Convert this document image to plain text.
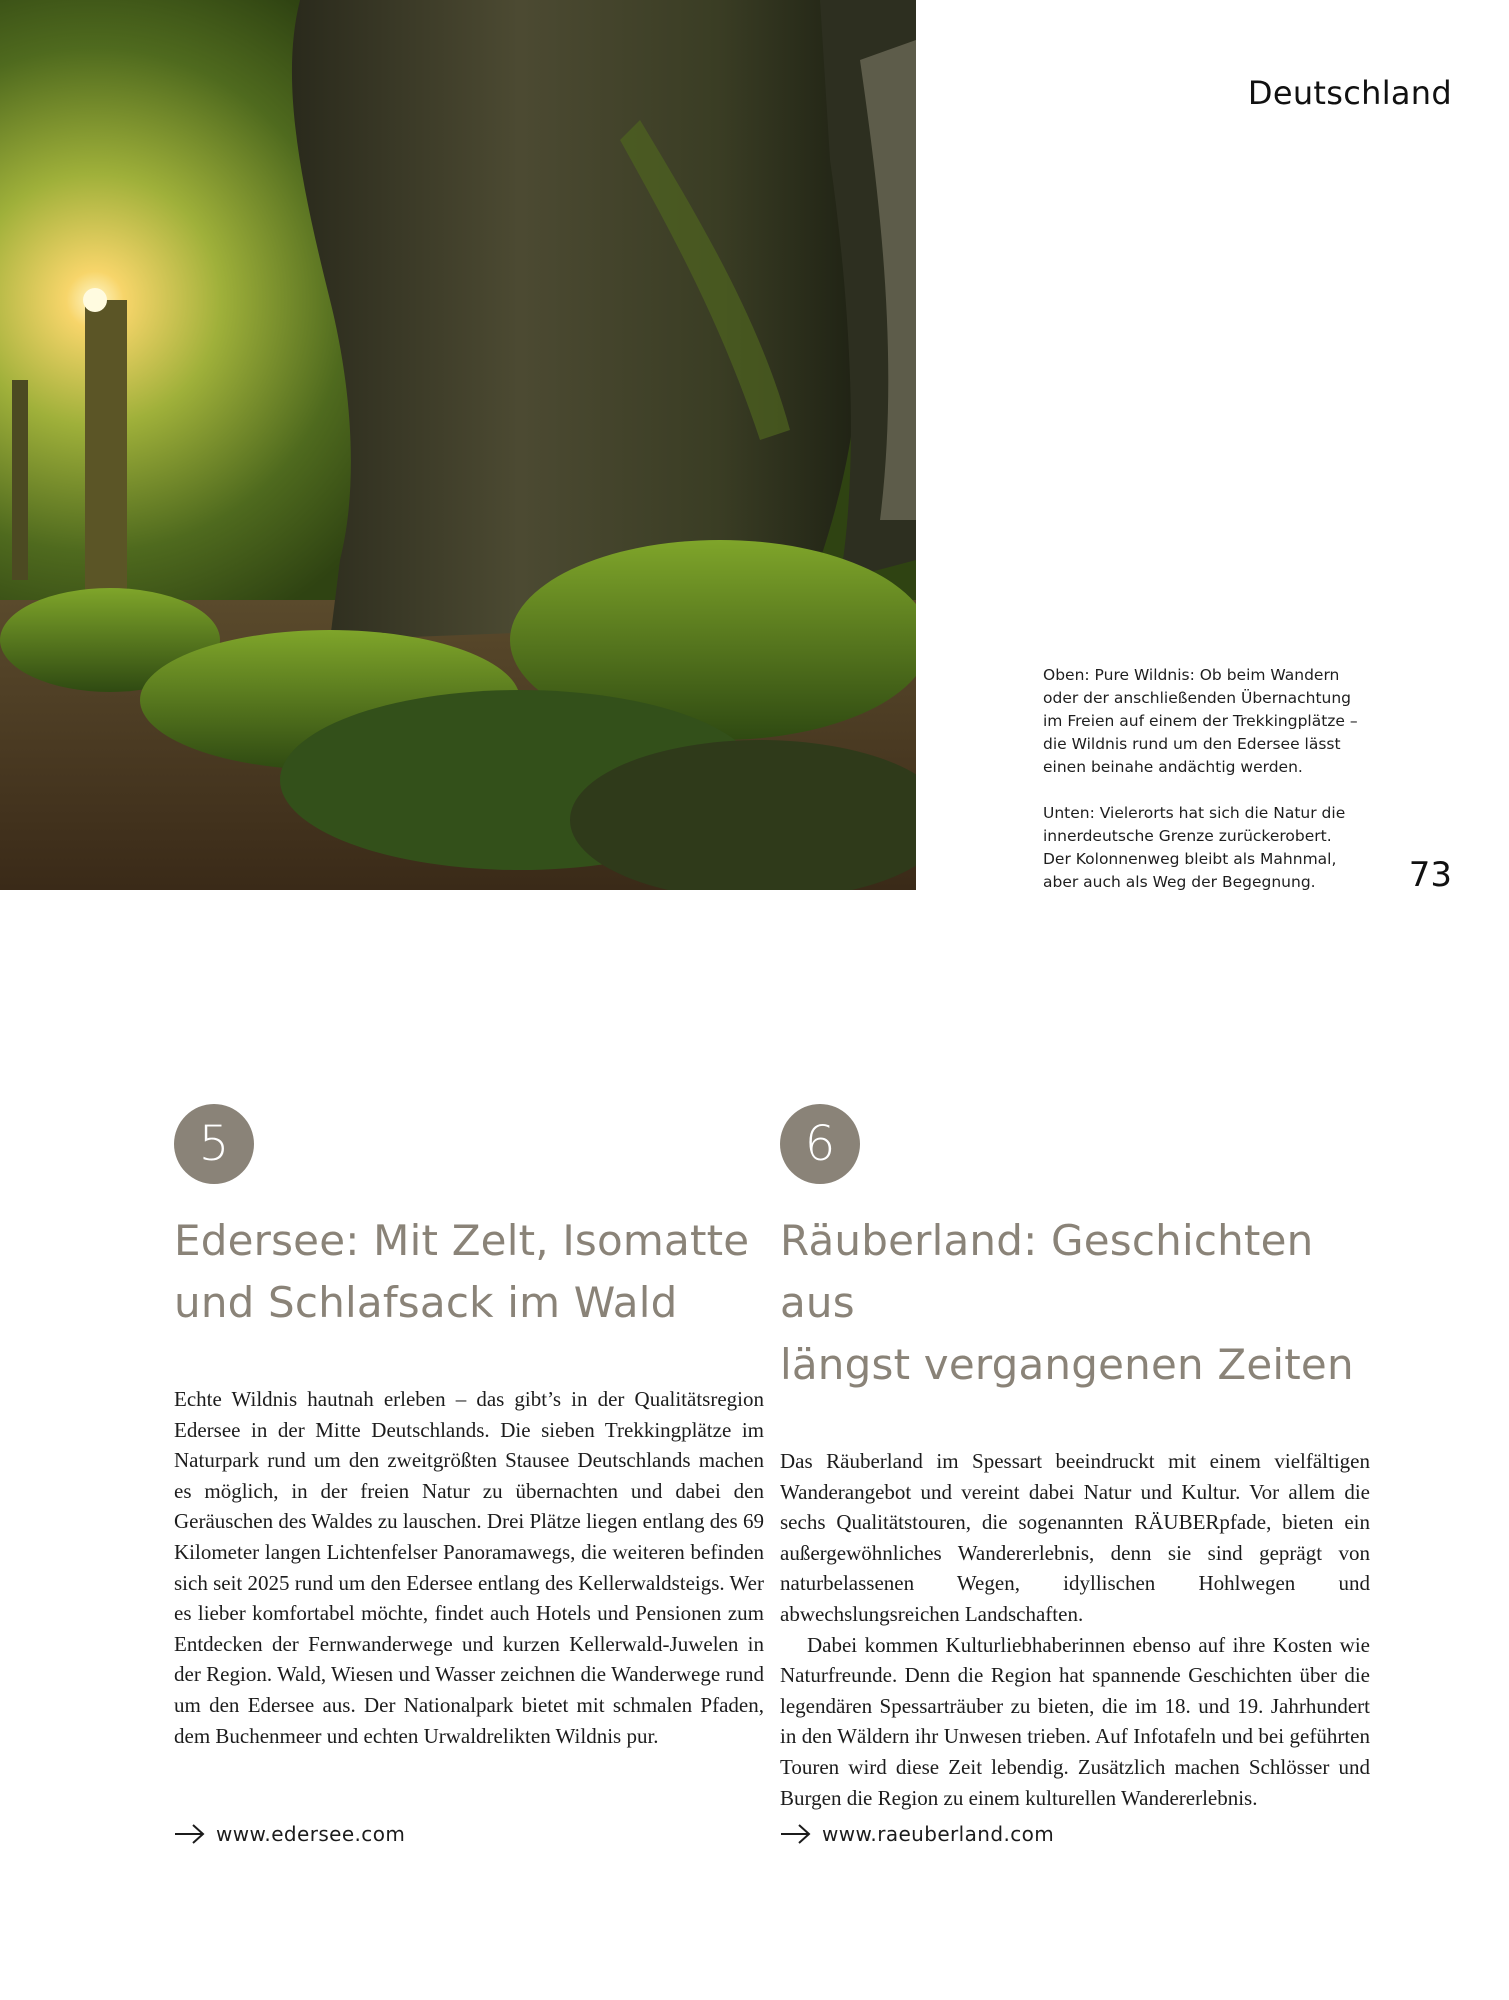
Deutschland

Oben: Pure Wildnis: Ob beim Wandern oder der anschließenden Übernachtung im Freien auf einem der Trekkingplätze – die Wildnis rund um den Edersee lässt einen beinahe andächtig werden.

Unten: Vielerorts hat sich die Natur die innerdeutsche Grenze zurückerobert. Der Kolonnenweg bleibt als Mahnmal, aber auch als Weg der Begegnung.	73
5
Edersee: Mit Zelt, Isomatte
und Schlafsack im Wald

Echte Wildnis hautnah erleben – das gibt’s in der Qualitätsregion Edersee in der Mitte Deutschlands. Die sieben Trekkingplätze im Naturpark rund um den zweitgrößten Stausee Deutschlands machen es möglich, in der freien Natur zu übernachten und dabei den Geräuschen des Waldes zu lauschen. Drei Plätze liegen entlang des 69 Kilometer langen Lichtenfelser Panoramawegs, die weiteren befinden sich seit 2025 rund um den Edersee entlang des Kellerwaldsteigs. Wer es lieber komfortabel möchte, findet auch Hotels und Pensionen zum Entdecken der Fernwanderwege und kurzen Kellerwald-Juwelen in der Region. Wald, Wiesen und Wasser zeichnen die Wanderwege rund um den Edersee aus. Der Nationalpark bietet mit schmalen Pfaden, dem Buchenmeer und echten Urwaldrelikten Wildnis pur.

6
Räuberland: Geschichten aus
längst vergangenen Zeiten

Das Räuberland im Spessart beeindruckt mit einem vielfältigen Wanderangebot und vereint dabei Natur und Kultur. Vor allem die sechs Qualitätstouren, die sogenannten RÄUBERpfade, bieten ein außergewöhnliches Wandererlebnis, denn sie sind geprägt von naturbelassenen Wegen, idyllischen Hohlwegen und abwechslungsreichen Landschaften.

Dabei kommen Kulturliebhaberinnen ebenso auf ihre Kosten wie Naturfreunde. Denn die Region hat spannende Geschichten über die legendären Spessarträuber zu bieten, die im 18. und 19. Jahrhundert in den Wäldern ihr Unwesen trieben. Auf Infotafeln und bei geführten Touren wird diese Zeit lebendig. Zusätzlich machen Schlösser und Burgen die Region zu einem kulturellen Wandererlebnis.

www.edersee.com	www.raeuberland.com
